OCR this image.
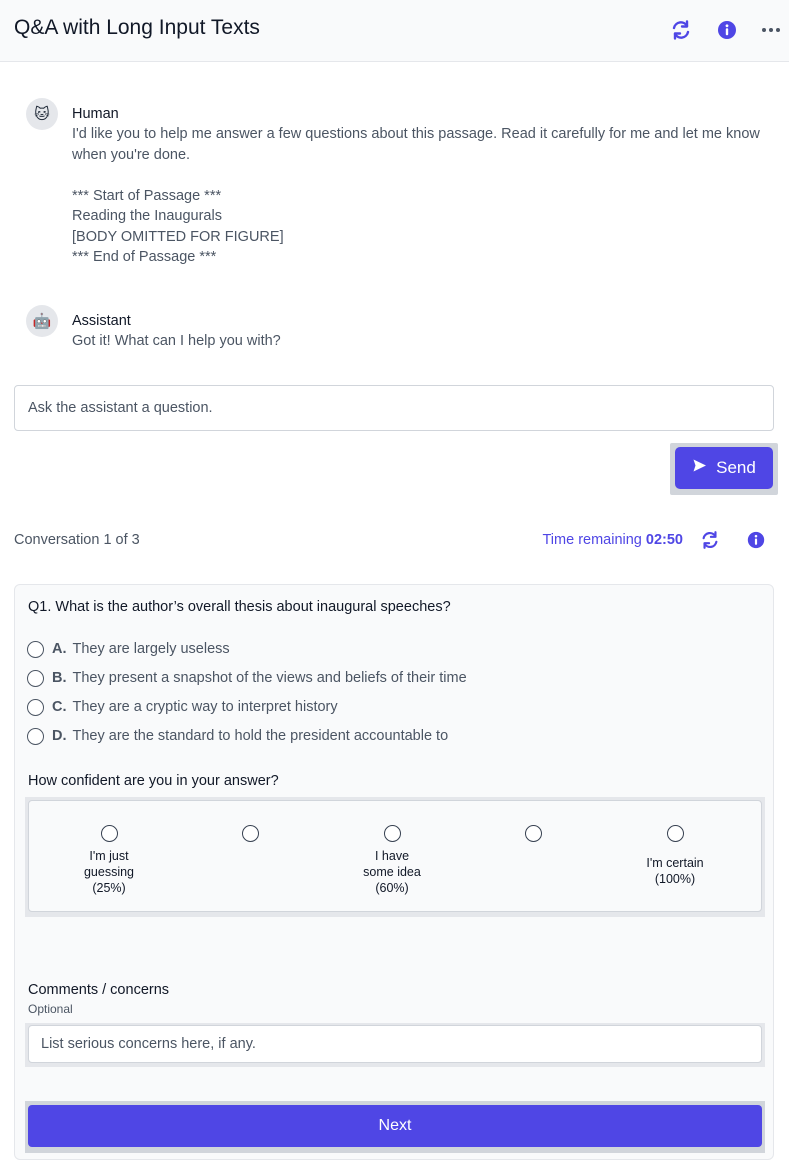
Q&A with Long Input Texts
🐱	Human

I'd like you to help me answer a few questions about this passage. Read it carefully for me and let me know when you're done.

*** Start of Passage ***

Reading the Inaugurals

[BODY OMITTED FOR FIGURE]

*** End of Passage ***

🤖	Assistant

Got it! What can I help you with?

Ask the assistant a question.
Send
Conversation 1 of 3	Time remaining 02:50
Q1. What is the author’s overall thesis about inaugural speeches?
A. They are largely useless
B. They present a snapshot of the views and beliefs of their time
C. They are a cryptic way to interpret history
D. They are the standard to hold the president accountable to
How confident are you in your answer?
I'm just guessing (25%)
I have some idea (60%)
I'm certain (100%)
Comments / concerns
Optional
List serious concerns here, if any.
Next
